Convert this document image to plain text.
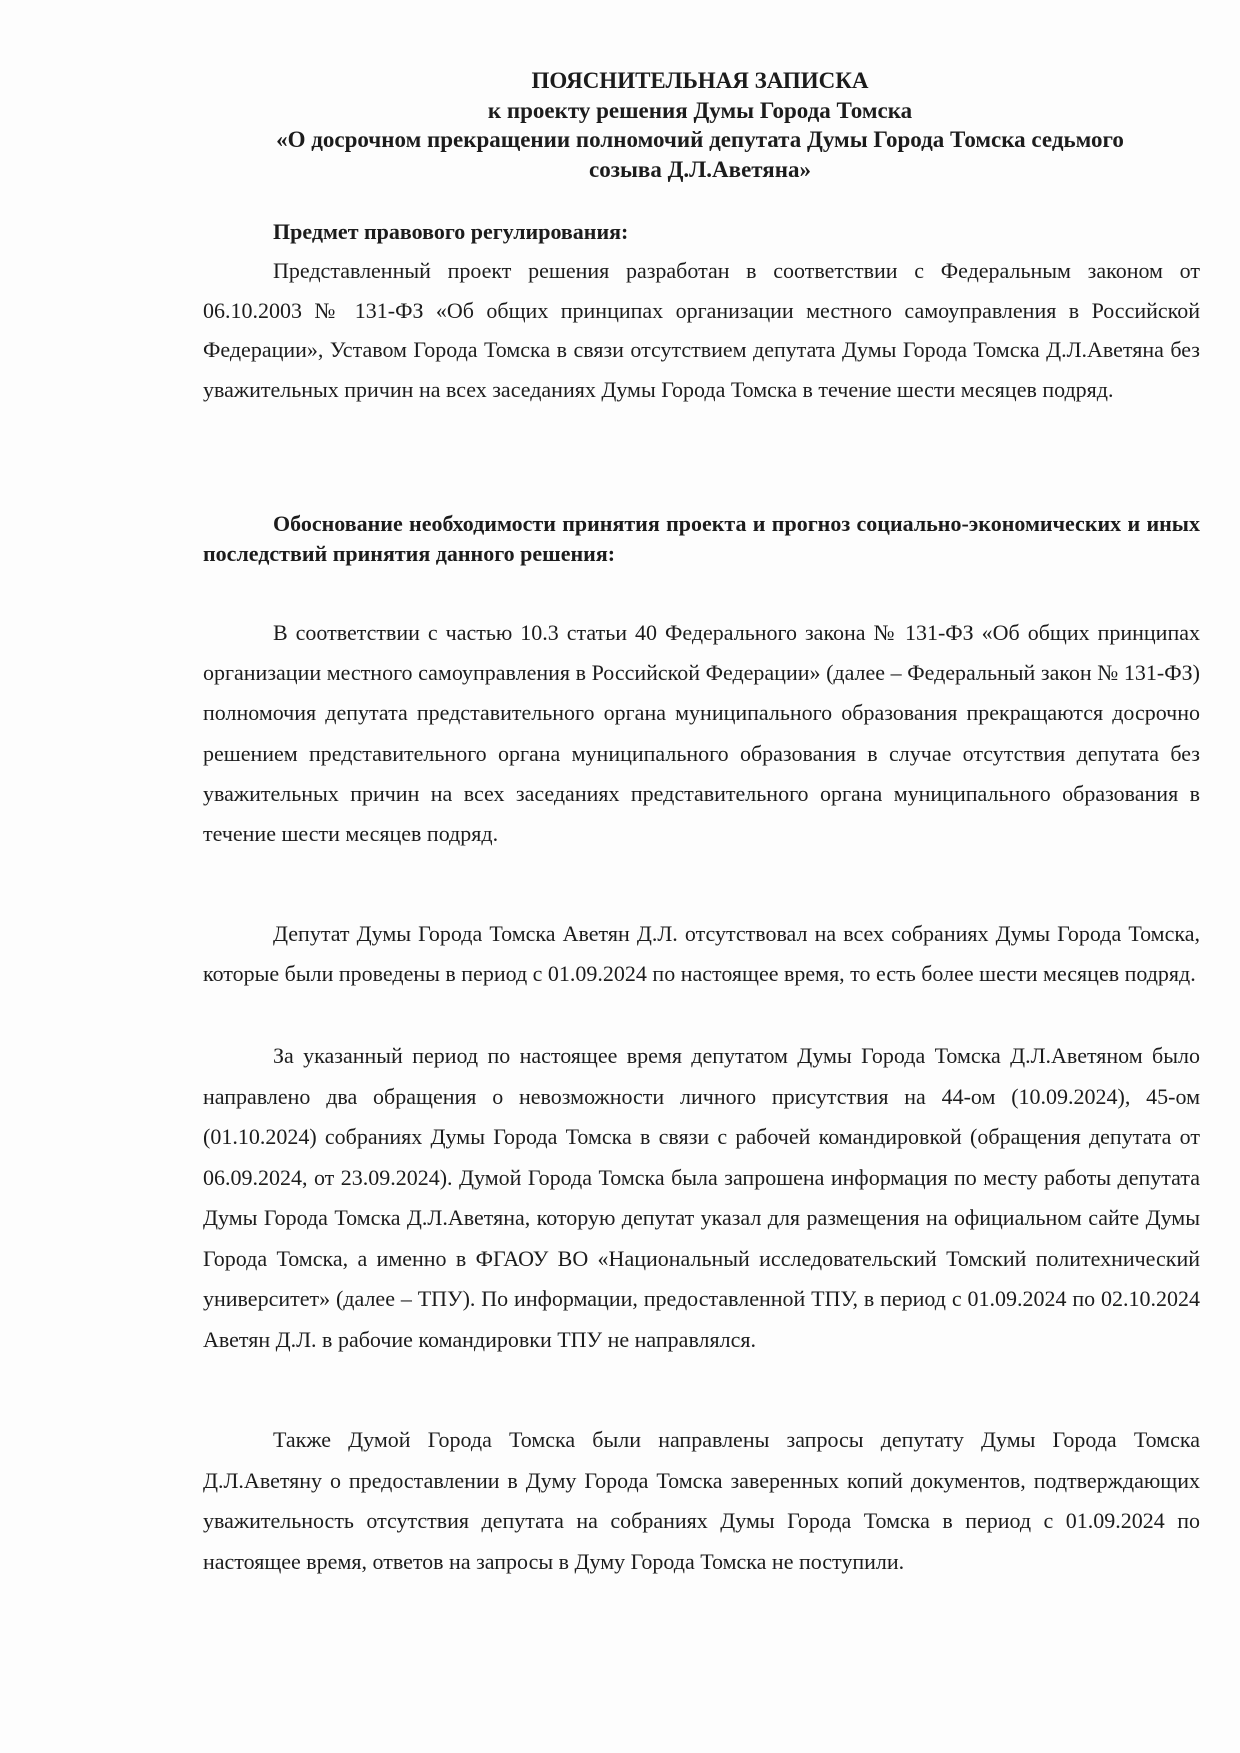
ПОЯСНИТЕЛЬНАЯ ЗАПИСКА
к проекту решения Думы Города Томска
«О досрочном прекращении полномочий депутата Думы Города Томска седьмого
созыва Д.Л.Аветяна»
Предмет правового регулирования:
Представленный проект решения разработан в соответствии с Федеральным законом от 06.10.2003 № 131-ФЗ «Об общих принципах организации местного самоуправления в Российской Федерации», Уставом Города Томска в связи отсутствием депутата Думы Города Томска Д.Л.Аветяна без уважительных причин на всех заседаниях Думы Города Томска в течение шести месяцев подряд.
Обоснование необходимости принятия проекта и прогноз социально-экономических и иных последствий принятия данного решения:
В соответствии с частью 10.3 статьи 40 Федерального закона № 131-ФЗ «Об общих принципах организации местного самоуправления в Российской Федерации» (далее – Федеральный закон № 131-ФЗ) полномочия депутата представительного органа муниципального образования прекращаются досрочно решением представительного органа муниципального образования в случае отсутствия депутата без уважительных причин на всех заседаниях представительного органа муниципального образования в течение шести месяцев подряд.
Депутат Думы Города Томска Аветян Д.Л. отсутствовал на всех собраниях Думы Города Томска, которые были проведены в период с 01.09.2024 по настоящее время, то есть более шести месяцев подряд.
За указанный период по настоящее время депутатом Думы Города Томска Д.Л.Аветяном было направлено два обращения о невозможности личного присутствия на 44-ом (10.09.2024), 45-ом (01.10.2024) собраниях Думы Города Томска в связи с рабочей командировкой (обращения депутата от 06.09.2024, от 23.09.2024). Думой Города Томска была запрошена информация по месту работы депутата Думы Города Томска Д.Л.Аветяна, которую депутат указал для размещения на официальном сайте Думы Города Томска, а именно в ФГАОУ ВО «Национальный исследовательский Томский политехнический университет» (далее – ТПУ). По информации, предоставленной ТПУ, в период с 01.09.2024 по 02.10.2024 Аветян Д.Л. в рабочие командировки ТПУ не направлялся.
Также Думой Города Томска были направлены запросы депутату Думы Города Томска Д.Л.Аветяну о предоставлении в Думу Города Томска заверенных копий документов, подтверждающих уважительность отсутствия депутата на собраниях Думы Города Томска в период с 01.09.2024 по настоящее время, ответов на запросы в Думу Города Томска не поступили.
